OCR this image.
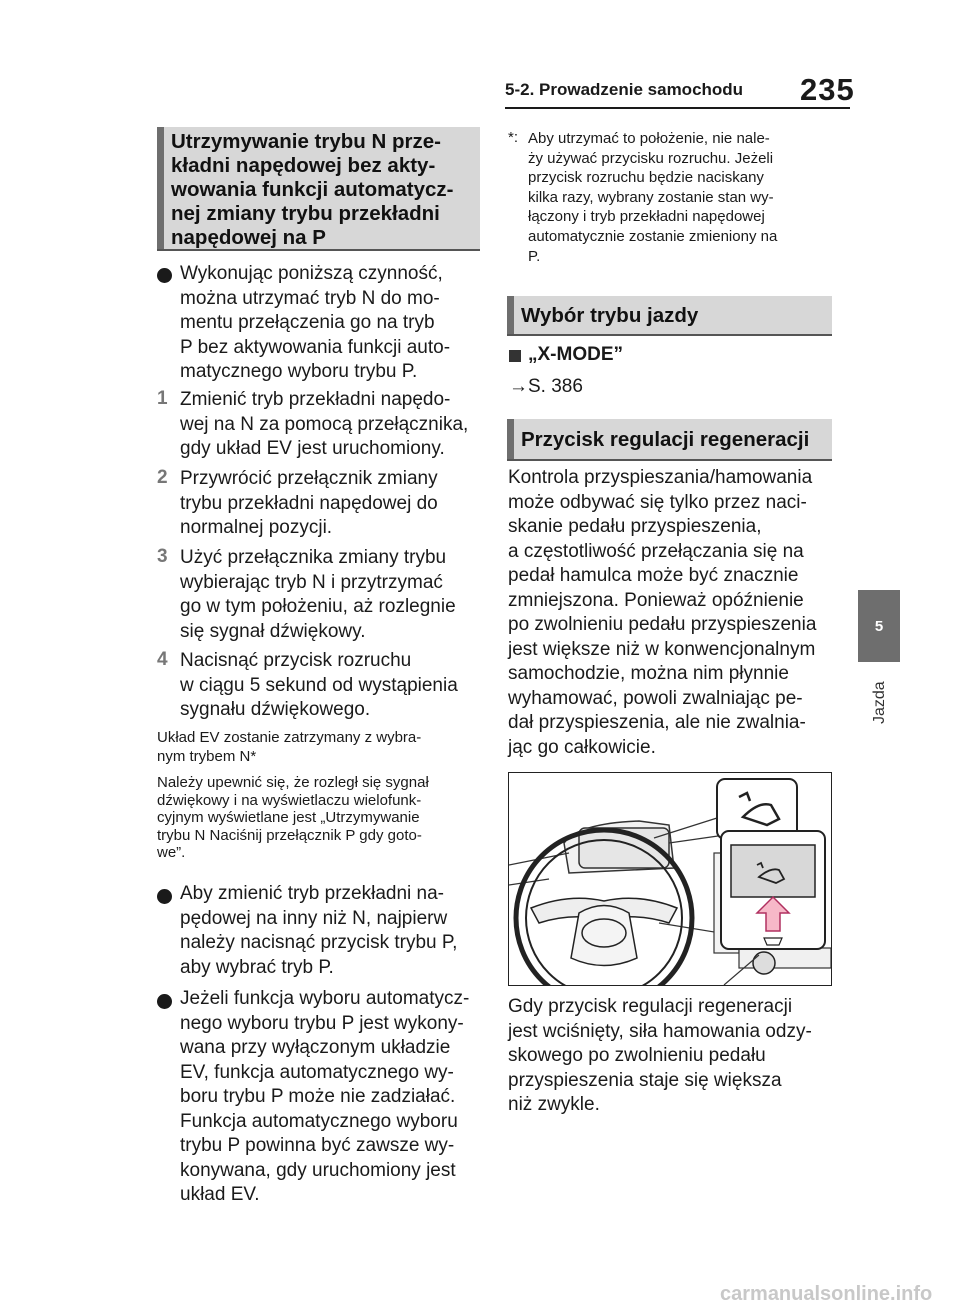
5-2. Prowadzenie samochodu 235
5
Jazda
Utrzymywanie trybu N prze-
kładni napędowej bez akty-
wowania funkcji automatycz-
nej zmiany trybu przekładni
napędowej na P
Wykonując poniższą czynność,
można utrzymać tryb N do mo-
mentu przełączenia go na tryb
P bez aktywowania funkcji auto-
matycznego wyboru trybu P.
1 Zmienić tryb przekładni napędo-
wej na N za pomocą przełącznika,
gdy układ EV jest uruchomiony.
2 Przywrócić przełącznik zmiany
trybu przekładni napędowej do
normalnej pozycji.
3 Użyć przełącznika zmiany trybu
wybierając tryb N i przytrzymać
go w tym położeniu, aż rozlegnie
się sygnał dźwiękowy.
4 Nacisnąć przycisk rozruchu
w ciągu 5 sekund od wystąpienia
sygnału dźwiękowego.
Układ EV zostanie zatrzymany z wybra-
nym trybem N*
Należy upewnić się, że rozległ się sygnał
dźwiękowy i na wyświetlaczu wielofunk-
cyjnym wyświetlane jest „Utrzymywanie
trybu N Naciśnij przełącznik P gdy goto-
we”.
Aby zmienić tryb przekładni na-
pędowej na inny niż N, najpierw
należy nacisnąć przycisk trybu P,
aby wybrać tryb P.
Jeżeli funkcja wyboru automatycz-
nego wyboru trybu P jest wykony-
wana przy wyłączonym układzie
EV, funkcja automatycznego wy-
boru trybu P może nie zadziałać.
Funkcja automatycznego wyboru
trybu P powinna być zawsze wy-
konywana, gdy uruchomiony jest
układ EV.
*: Aby utrzymać to położenie, nie nale-
ży używać przycisku rozruchu. Jeżeli
przycisk rozruchu będzie naciskany
kilka razy, wybrany zostanie stan wy-
łączony i tryb przekładni napędowej
automatycznie zostanie zmieniony na
P.
Wybór trybu jazdy
„X-MODE”
→S. 386
Przycisk regulacji regeneracji
Kontrola przyspieszania/hamowania
może odbywać się tylko przez naci-
skanie pedału przyspieszenia,
a częstotliwość przełączania się na
pedał hamulca może być znacznie
zmniejszona. Ponieważ opóźnienie
po zwolnieniu pedału przyspieszenia
jest większe niż w konwencjonalnym
samochodzie, można nim płynnie
wyhamować, powoli zwalniając pe-
dał przyspieszenia, ale nie zwalnia-
jąc go całkowicie.
Gdy przycisk regulacji regeneracji
jest wciśnięty, siła hamowania odzy-
skowego po zwolnieniu pedału
przyspieszenia staje się większa
niż zwykle.
carmanualsonline.info
